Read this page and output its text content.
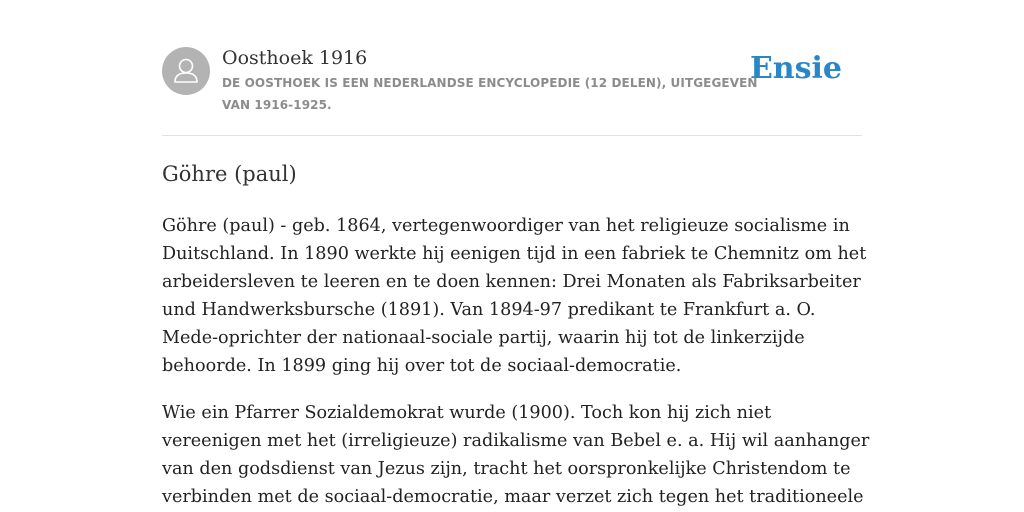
Oosthoek 1916
DE OOSTHOEK IS EEN NEDERLANDSE ENCYCLOPEDIE (12 DELEN), UITGEGEVEN VAN 1916-1925.
Ensie
Göhre (paul)

Göhre (paul) - geb. 1864, vertegenwoordiger van het religieuze socialisme in Duitschland. In 1890 werkte hij eenigen tijd in een fabriek te Chemnitz om het arbeidersleven te leeren en te doen kennen: Drei Monaten als Fabriksarbeiter und Handwerksbursche (1891). Van 1894-97 predikant te Frankfurt a. O. Mede-oprichter der nationaal-sociale partij, waarin hij tot de linkerzijde behoorde. In 1899 ging hij over tot de sociaal-democratie.

Wie ein Pfarrer Sozialdemokrat wurde (1900). Toch kon hij zich niet vereenigen met het (irreligieuze) radikalisme van Bebel e. a. Hij wil aanhanger van den godsdienst van Jezus zijn, tracht het oorspronkelijke Christendom te verbinden met de sociaal-democratie, maar verzet zich tegen het traditioneele
